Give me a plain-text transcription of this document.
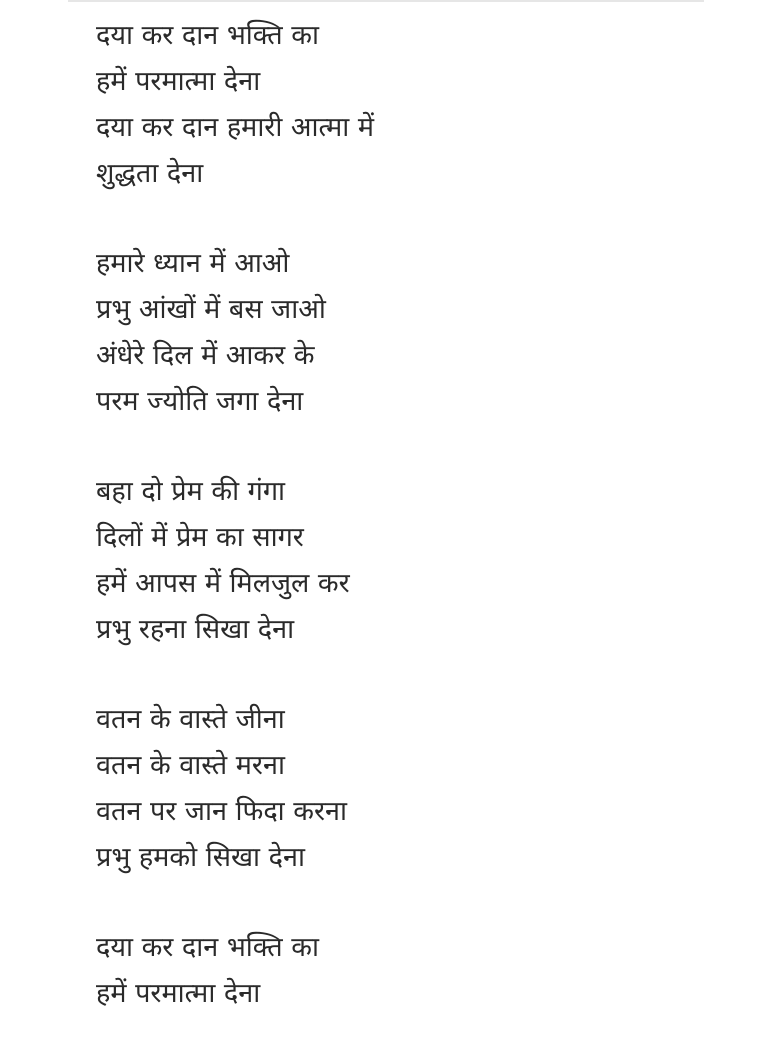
दया कर दान भक्ति का
हमें परमात्मा देना
दया कर दान हमारी आत्मा में
शुद्धता देना
हमारे ध्यान में आओ
प्रभु आंखों में बस जाओ
अंधेरे दिल में आकर के
परम ज्योति जगा देना
बहा दो प्रेम की गंगा
दिलों में प्रेम का सागर
हमें आपस में मिलजुल कर
प्रभु रहना सिखा देना
वतन के वास्ते जीना
वतन के वास्ते मरना
वतन पर जान फिदा करना
प्रभु हमको सिखा देना
दया कर दान भक्ति का
हमें परमात्मा देना
